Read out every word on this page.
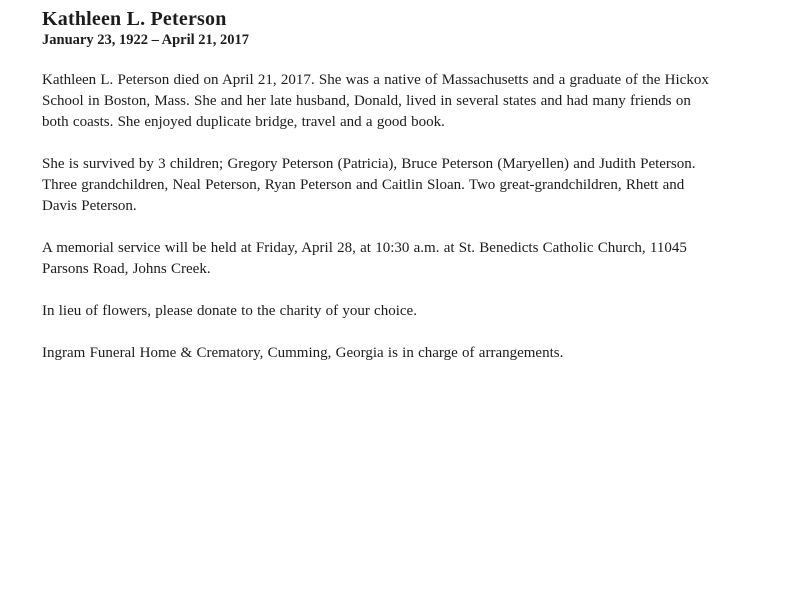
Kathleen L. Peterson
January 23, 1922 – April 21, 2017

Kathleen L. Peterson died on April 21, 2017. She was a native of Massachusetts and a graduate of the Hickox School in Boston, Mass. She and her late husband, Donald, lived in several states and had many friends on both coasts. She enjoyed duplicate bridge, travel and a good book.

She is survived by 3 children; Gregory Peterson (Patricia), Bruce Peterson (Maryellen) and Judith Peterson. Three grandchildren, Neal Peterson, Ryan Peterson and Caitlin Sloan. Two great-grandchildren, Rhett and Davis Peterson.

A memorial service will be held at Friday, April 28, at 10:30 a.m. at St. Benedicts Catholic Church, 11045 Parsons Road, Johns Creek.

In lieu of flowers, please donate to the charity of your choice.

Ingram Funeral Home & Crematory, Cumming, Georgia is in charge of arrangements.
